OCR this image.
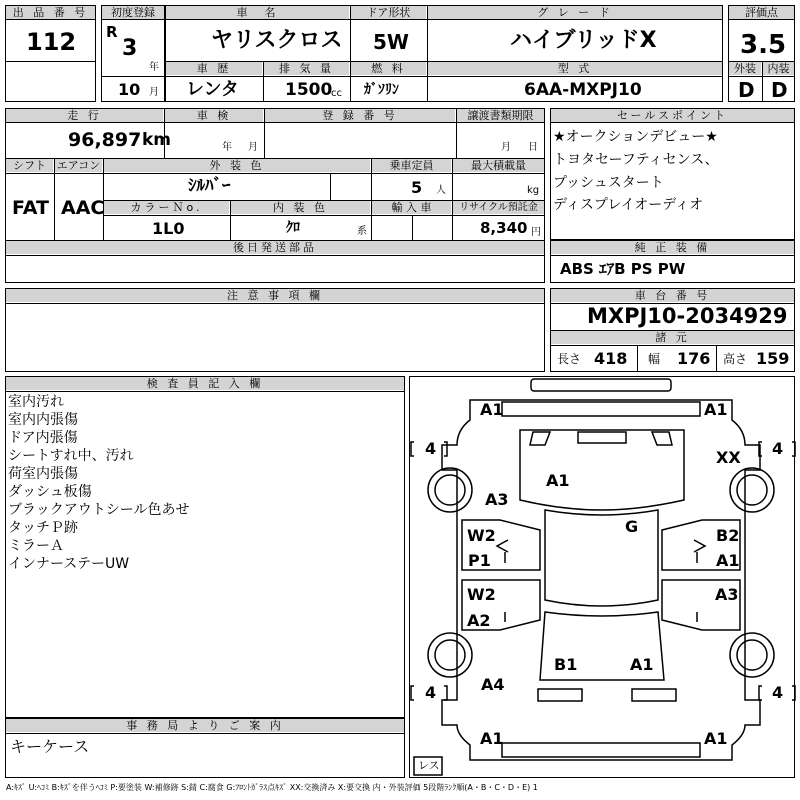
出 品 番 号
112
初度登録
R
3
年
10 月
車　名	ドア形状	グ レ ー ド
ヤリスクロス 5W	ハイブリッドX
車 歴	排 気 量	燃 料	型 式
レンタ	1500
cc ｶﾞｿﾘﾝ	6AA-MXPJ10
評価点
3.5
外装	内装
D D
走 行	車 検	登 録 番 号	譲渡書類期限
96,897 km	年 月	月 日
シフト エアコン	外 装 色	乗車定員	最大積載量
FAT AAC
ｼﾙﾊﾞｰ	5 人	kg
カラーＮo.	内 装 色	輸 入 車	リサイクル預託金
1L0	ｸﾛ	系	8,340 円
後日発送部品
セールスポイント
★オークションデビュー★
トヨタセーフティセンス、
プッシュスタート
ディスプレイオーディオ
純 正 装 備
ABS ｴｱB PS PW
注 意 事 項 欄	車 台 番 号
MXPJ10-2034929
諸 元
長さ 418 幅 176 高さ 159
検 査 員 記 入 欄
室内汚れ
室内内張傷
ドア内張傷
シートすれ中、汚れ
荷室内張傷
ダッシュ板傷
ブラックアウトシール色あせ
タッチＰ跡
ミラーＡ
インナーステーUW
事 務 局 よ り ご 案 内
キーケース
A1	A1
XX
A3
A1
W2
P1
G	B2
A1
W2
A2
A3
B1	A1
A4
A1	A1
4	4
4	4
レス
A:ｷｽﾞ U:ﾍｺﾐ B:ｷｽﾞを伴うﾍｺﾐ P:要塗装 W:補修跡 S:錆 C:腐食 G:ﾌﾛﾝﾄｶﾞﾗｽ点ｷｽﾞ XX:交換済み X:要交換 内・外装評価 5段階ﾗﾝｸ順(A・B・C・D・E) 1
